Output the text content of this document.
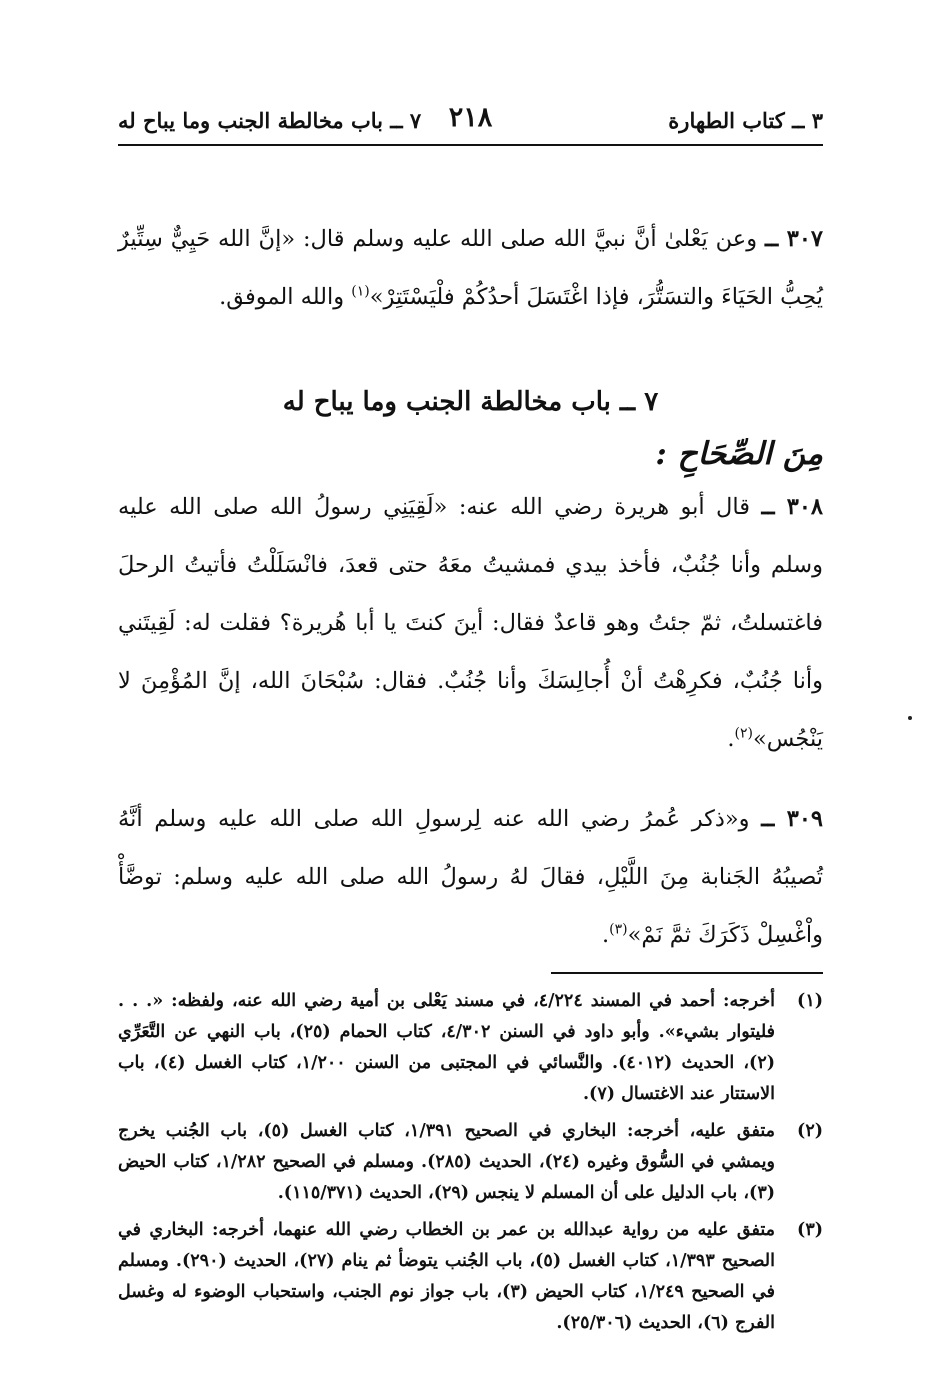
٣ ــ كتاب الطهارة
٢١٨
٧ ــ باب مخالطة الجنب وما يباح له

٣٠٧ ــ وعن يَعْلىٰ أنَّ نبيَّ الله صلى الله عليه وسلم قال: «إنَّ الله حَيِيٌّ سِتِّيرٌ يُحِبُّ الحَيَاءَ والتسَتُّرَ، فإذا اغْتَسَلَ أحدُكُمْ فلْيَسْتَتِرْ»$^{(١)}$ والله الموفق.

٧ ــ باب مخالطة الجنب وما يباح له
مِنَ الصِّحَاحِ :

٣٠٨ ــ قال أبو هريرة رضي الله عنه: «لَقِيَنِي رسولُ الله صلى الله عليه وسلم وأنا جُنُبٌ، فأخذ بيدي فمشيتُ معَهُ حتى قعدَ، فانْسَلَلْتُ فأتيتُ الرحلَ فاغتسلتُ، ثمّ جئتُ وهو قاعدٌ فقال: أينَ كنتَ يا أبا هُريرة؟ فقلت له: لَقِيتَني وأنا جُنُبٌ، فكرِهْتُ أنْ أُجالِسَكَ وأنا جُنُبٌ. فقال: سُبْحَانَ الله، إنَّ المُؤْمِنَ لا يَنْجُس»$^{(٢)}$.

٣٠٩ ــ و«ذكر عُمرُ رضي الله عنه لِرسولِ الله صلى الله عليه وسلم أنَّهُ تُصيبُهُ الجَنابة مِنَ اللَّيْلِ، فقالَ لهُ رسولُ الله صلى الله عليه وسلم: توضَّأْ واْغْسِلْ ذَكَرَكَ ثمَّ نَمْ»$^{(٣)}$.

(١)
أخرجه: أحمد في المسند ٤/٢٢٤، في مسند يَعْلى بن أمية رضي الله عنه، ولفظه: «. . . فليتوار بشيء». وأبو داود في السنن ٤/٣٠٢، كتاب الحمام (٢٥)، باب النهي عن التَّعَرِّي (٢)، الحديث (٤٠١٢). والنَّسائي في المجتبى من السنن ١/٢٠٠، كتاب الغسل (٤)، باب الاستتار عند الاغتسال (٧).
(٢)
متفق عليه، أخرجه: البخاري في الصحيح ١/٣٩١، كتاب الغسل (٥)، باب الجُنب يخرج ويمشي في السُّوق وغيره (٢٤)، الحديث (٢٨٥). ومسلم في الصحيح ١/٢٨٢، كتاب الحيض (٣)، باب الدليل على أن المسلم لا ينجس (٢٩)، الحديث (١١٥/٣٧١).
(٣)
متفق عليه من رواية عبدالله بن عمر بن الخطاب رضي الله عنهما، أخرجه: البخاري في الصحيح ١/٣٩٣، كتاب الغسل (٥)، باب الجُنب يتوضأ ثم ينام (٢٧)، الحديث (٢٩٠). ومسلم في الصحيح ١/٢٤٩، كتاب الحيض (٣)، باب جواز نوم الجنب، واستحباب الوضوء له وغسل الفرج (٦)، الحديث (٢٥/٣٠٦).
